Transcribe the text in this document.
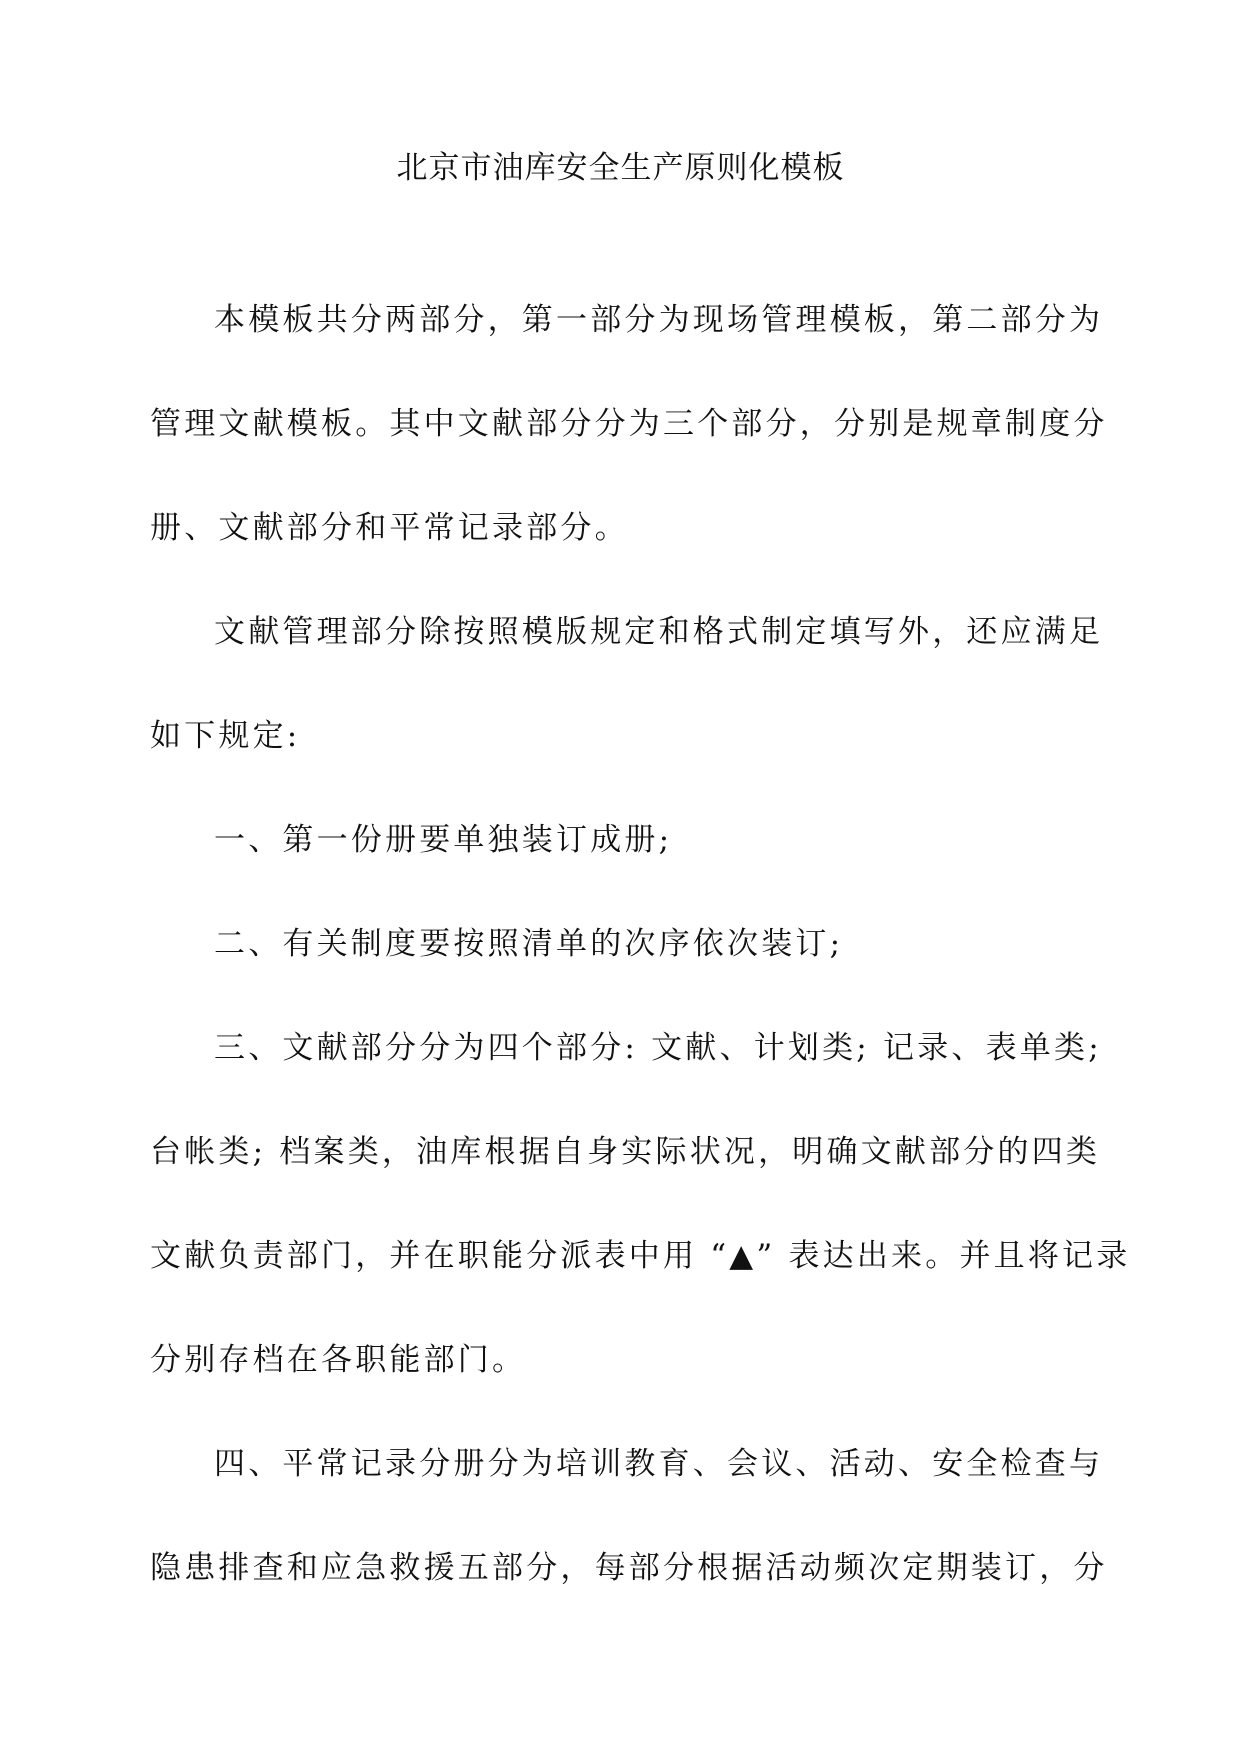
北京市油库安全生产原则化模板
本模板共分两部分，第一部分为现场管理模板，第二部分为
管理文献模板。其中文献部分分为三个部分，分别是规章制度分
册、文献部分和平常记录部分。
文献管理部分除按照模版规定和格式制定填写外，还应满足
如下规定:
一、第一份册要单独装订成册;
二、有关制度要按照清单的次序依次装订;
三、文献部分分为四个部分: 文献、计划类; 记录、表单类;
台帐类; 档案类，油库根据自身实际状况，明确文献部分的四类
文献负责部门，并在职能分派表中用 “▲” 表达出来。并且将记录
分别存档在各职能部门。
四、平常记录分册分为培训教育、会议、活动、安全检查与
隐患排查和应急救援五部分，每部分根据活动频次定期装订，分
